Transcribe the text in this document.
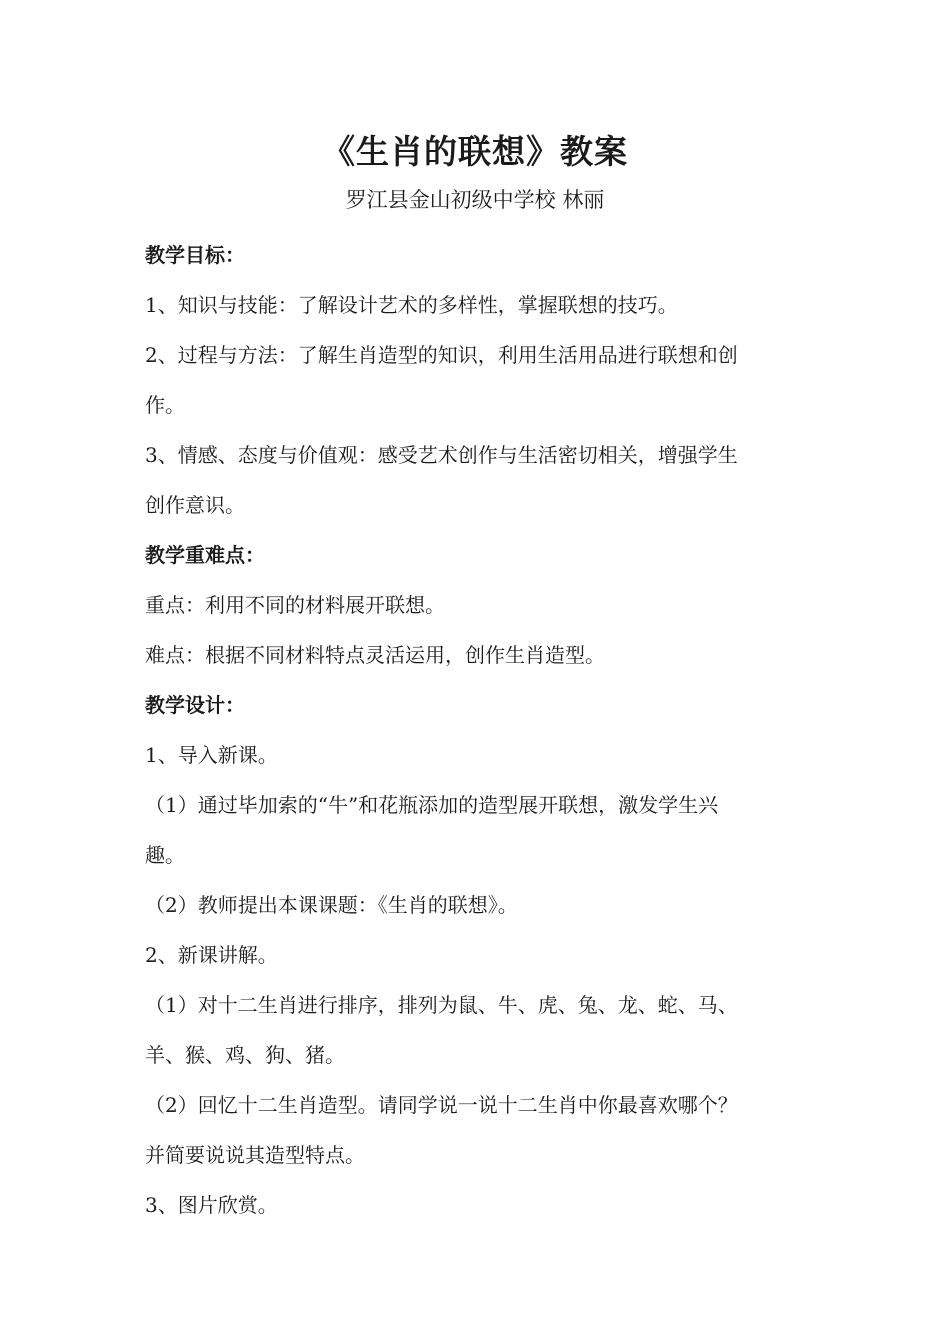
《生肖的联想》教案
罗江县金山初级中学校 林丽

教学目标：

1、知识与技能：了解设计艺术的多样性，掌握联想的技巧。

2、过程与方法：了解生肖造型的知识，利用生活用品进行联想和创

作。

3、情感、态度与价值观：感受艺术创作与生活密切相关，增强学生

创作意识。

教学重难点：

重点：利用不同的材料展开联想。

难点：根据不同材料特点灵活运用，创作生肖造型。

教学设计：

1、导入新课。

（1）通过毕加索的“牛”和花瓶添加的造型展开联想，激发学生兴

趣。

（2）教师提出本课课题：《生肖的联想》。

2、新课讲解。

（1）对十二生肖进行排序，排列为鼠、牛、虎、兔、龙、蛇、马、

羊、猴、鸡、狗、猪。

（2）回忆十二生肖造型。请同学说一说十二生肖中你最喜欢哪个？

并简要说说其造型特点。

3、图片欣赏。
